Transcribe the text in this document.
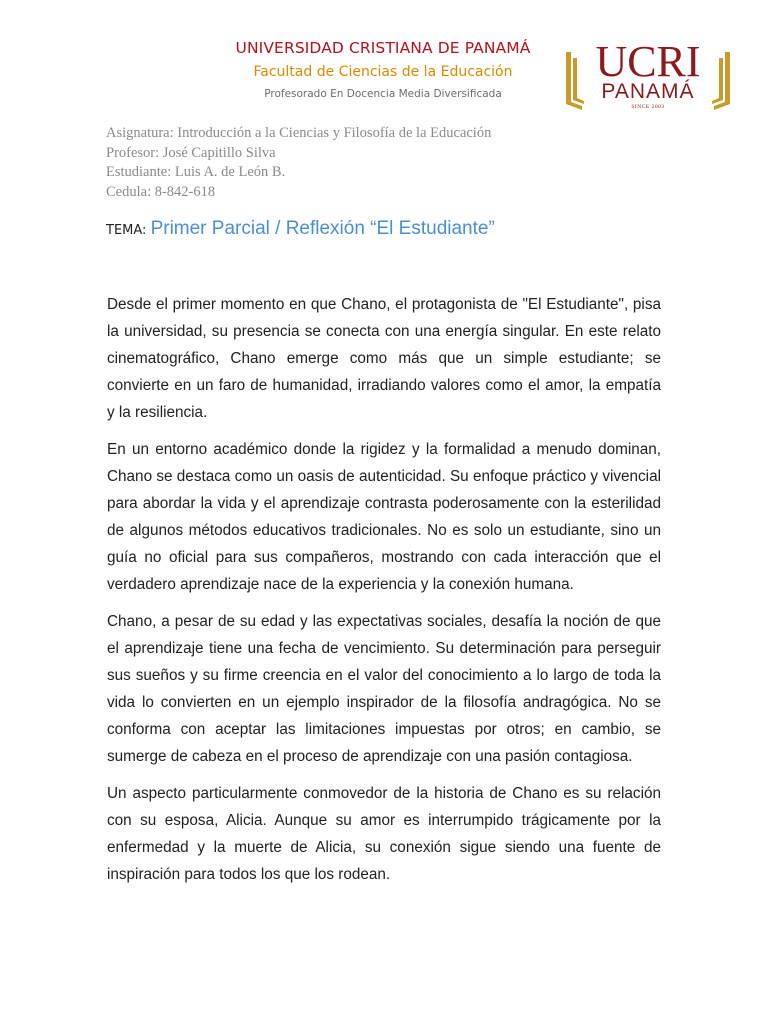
UNIVERSIDAD CRISTIANA DE PANAMÁ
Facultad de Ciencias de la Educación
Profesorado En Docencia Media Diversificada
UCRI
PANAMÁ
SINCE 2003
Asignatura: Introducción a la Ciencias y Filosofía de la Educación
Profesor: José Capitillo Silva
Estudiante: Luis A. de León B.
Cedula: 8-842-618
TEMA: Primer Parcial / Reflexión “El Estudiante”

Desde el primer momento en que Chano, el protagonista de "El Estudiante", pisa la universidad, su presencia se conecta con una energía singular. En este relato cinematográfico, Chano emerge como más que un simple estudiante; se convierte en un faro de humanidad, irradiando valores como el amor, la empatía y la resiliencia.

En un entorno académico donde la rigidez y la formalidad a menudo dominan, Chano se destaca como un oasis de autenticidad. Su enfoque práctico y vivencial para abordar la vida y el aprendizaje contrasta poderosamente con la esterilidad de algunos métodos educativos tradicionales. No es solo un estudiante, sino un guía no oficial para sus compañeros, mostrando con cada interacción que el verdadero aprendizaje nace de la experiencia y la conexión humana.

Chano, a pesar de su edad y las expectativas sociales, desafía la noción de que el aprendizaje tiene una fecha de vencimiento. Su determinación para perseguir sus sueños y su firme creencia en el valor del conocimiento a lo largo de toda la vida lo convierten en un ejemplo inspirador de la filosofía andragógica. No se conforma con aceptar las limitaciones impuestas por otros; en cambio, se sumerge de cabeza en el proceso de aprendizaje con una pasión contagiosa.

Un aspecto particularmente conmovedor de la historia de Chano es su relación con su esposa, Alicia. Aunque su amor es interrumpido trágicamente por la enfermedad y la muerte de Alicia, su conexión sigue siendo una fuente de inspiración para todos los que los rodean.
